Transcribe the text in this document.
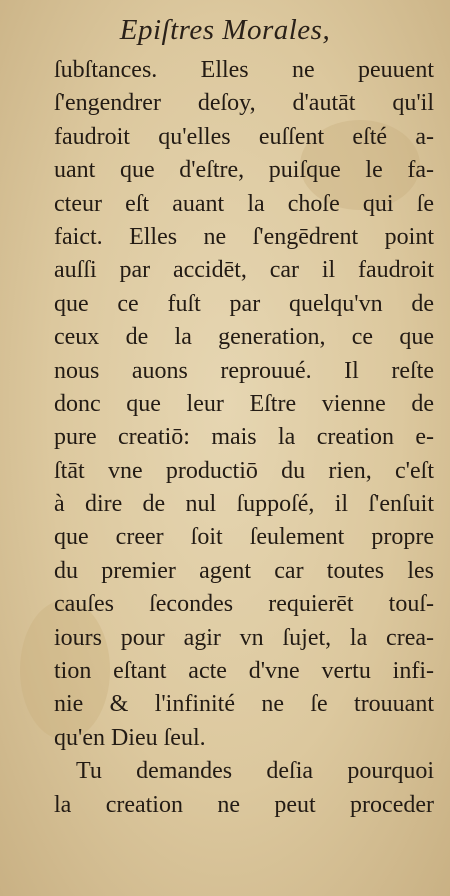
Epiſtres Morales,
ſubſtances. Elles ne peuuent
ſ'engendrer deſoy, d'autāt qu'il
faudroit qu'elles euſſent eſté a-
uant que d'eſtre, puiſque le fa-
cteur eſt auant la choſe qui ſe
faict. Elles ne ſ'engēdrent point
auſſi par accidēt, car il faudroit
que ce fuſt par quelqu'vn de
ceux de la generation, ce que
nous auons reprouué. Il reſte
donc que leur Eſtre vienne de
pure creatiō: mais la creation e-
ſtāt vne productiō du rien, c'eſt
à dire de nul ſuppoſé, il ſ'enſuit
que creer ſoit ſeulement propre
du premier agent car toutes les
cauſes ſecondes requierēt touſ-
iours pour agir vn ſujet, la crea-
tion eſtant acte d'vne vertu infi-
nie & l'infinité ne ſe trouuant
qu'en Dieu ſeul.
Tu demandes deſia pourquoi
la creation ne peut proceder
